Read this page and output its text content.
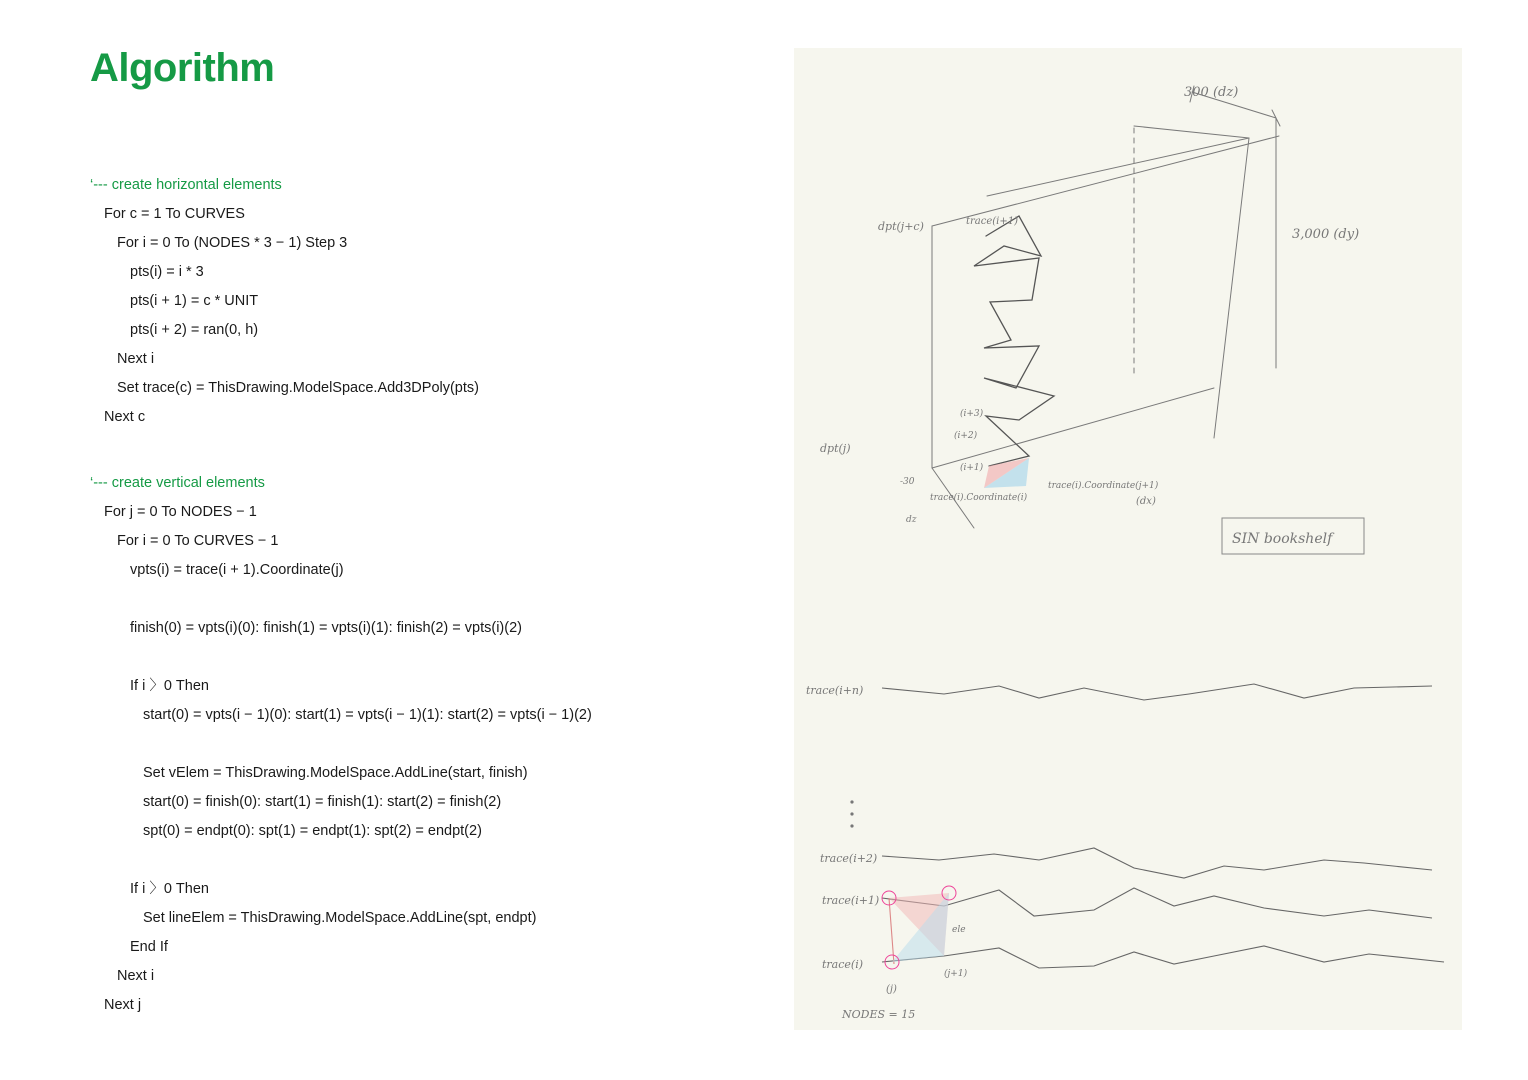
Algorithm
‘--- create horizontal elements
For c = 1 To CURVES
For i = 0 To (NODES * 3 − 1) Step 3
pts(i) = i * 3
pts(i + 1) = c * UNIT
pts(i + 2) = ran(0, h)
Next i
Set trace(c) = ThisDrawing.ModelSpace.Add3DPoly(pts)
Next c
‘--- create vertical elements
For j = 0 To NODES − 1
For i = 0 To CURVES − 1
vpts(i) = trace(i + 1).Coordinate(j)
finish(0) = vpts(i)(0): finish(1) = vpts(i)(1): finish(2) = vpts(i)(2)
If i 〉0 Then
start(0) = vpts(i − 1)(0): start(1) = vpts(i − 1)(1): start(2) = vpts(i − 1)(2)
Set vElem = ThisDrawing.ModelSpace.AddLine(start, finish)
start(0) = finish(0): start(1) = finish(1): start(2) = finish(2)
spt(0) = endpt(0): spt(1) = endpt(1): spt(2) = endpt(2)
If i 〉0 Then
Set lineElem = ThisDrawing.ModelSpace.AddLine(spt, endpt)
End If
Next i
Next j
300 (dz)
3,000 (dy)
dpt(j+c)	trace(i+1)
dpt(j)
(i+3)
(i+2)
(i+1)
-30
trace(i).Coordinate(i)
trace(i).Coordinate(j+1)
(dx)
dz
SIN bookshelf
trace(i+n)
trace(i+2)
trace(i+1)
trace(i)
(j)
(j+1)
ele
NODES = 15
